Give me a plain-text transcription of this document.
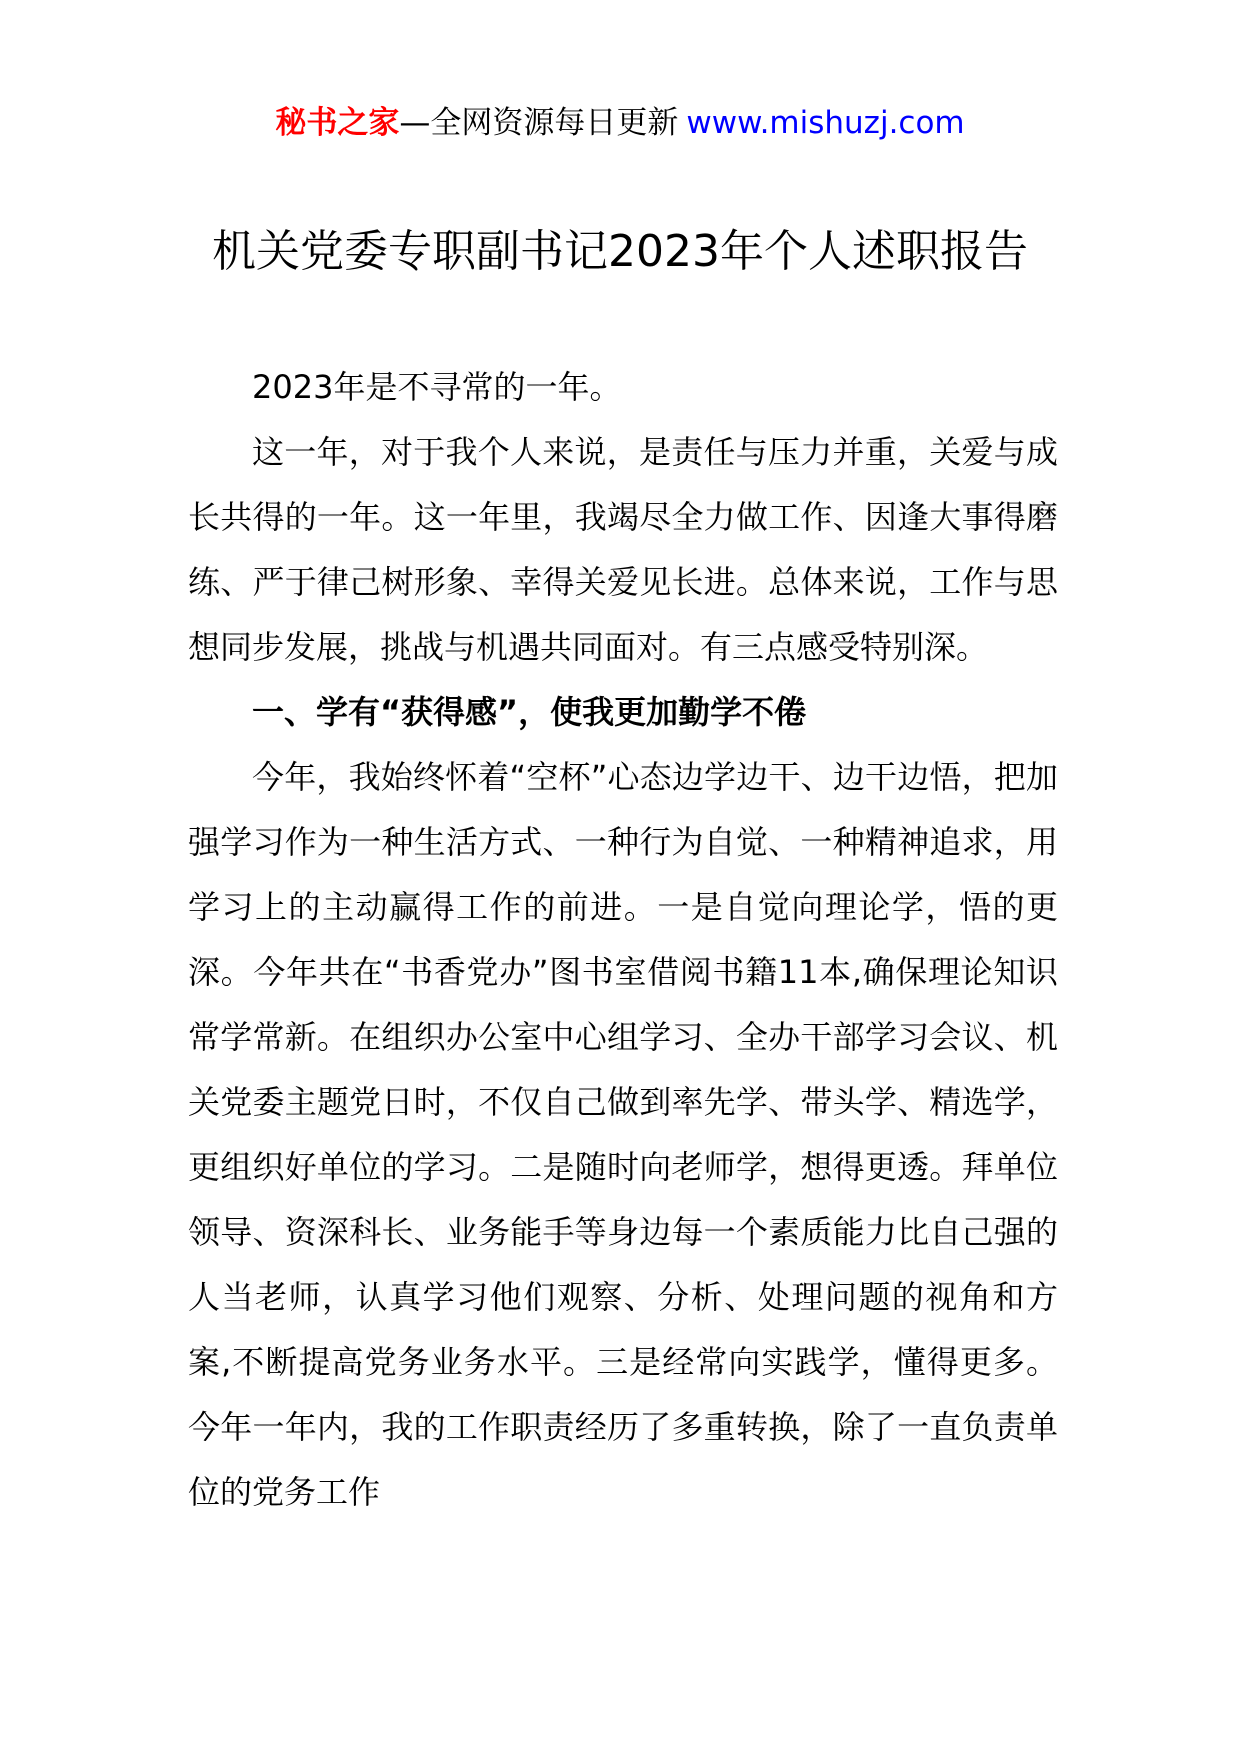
秘书之家—全网资源每日更新 www.mishuzj.com
机关党委专职副书记2023年个人述职报告

2023年是不寻常的一年。

这一年，对于我个人来说，是责任与压力并重，关爱与成长共得的一年。这一年里，我竭尽全力做工作、因逢大事得磨练、严于律己树形象、幸得关爱见长进。总体来说，工作与思想同步发展，挑战与机遇共同面对。有三点感受特别深。

一、学有“获得感”，使我更加勤学不倦

今年，我始终怀着“空杯”心态边学边干、边干边悟，把加强学习作为一种生活方式、一种行为自觉、一种精神追求，用学习上的主动赢得工作的前进。一是自觉向理论学，悟的更深。今年共在“书香党办”图书室借阅书籍11本,确保理论知识常学常新。在组织办公室中心组学习、全办干部学习会议、机关党委主题党日时，不仅自己做到率先学、带头学、精选学，更组织好单位的学习。二是随时向老师学，想得更透。拜单位领导、资深科长、业务能手等身边每一个素质能力比自己强的人当老师，认真学习他们观察、分析、处理问题的视角和方案,不断提高党务业务水平。三是经常向实践学，懂得更多。今年一年内，我的工作职责经历了多重转换，除了一直负责单位的党务工作
